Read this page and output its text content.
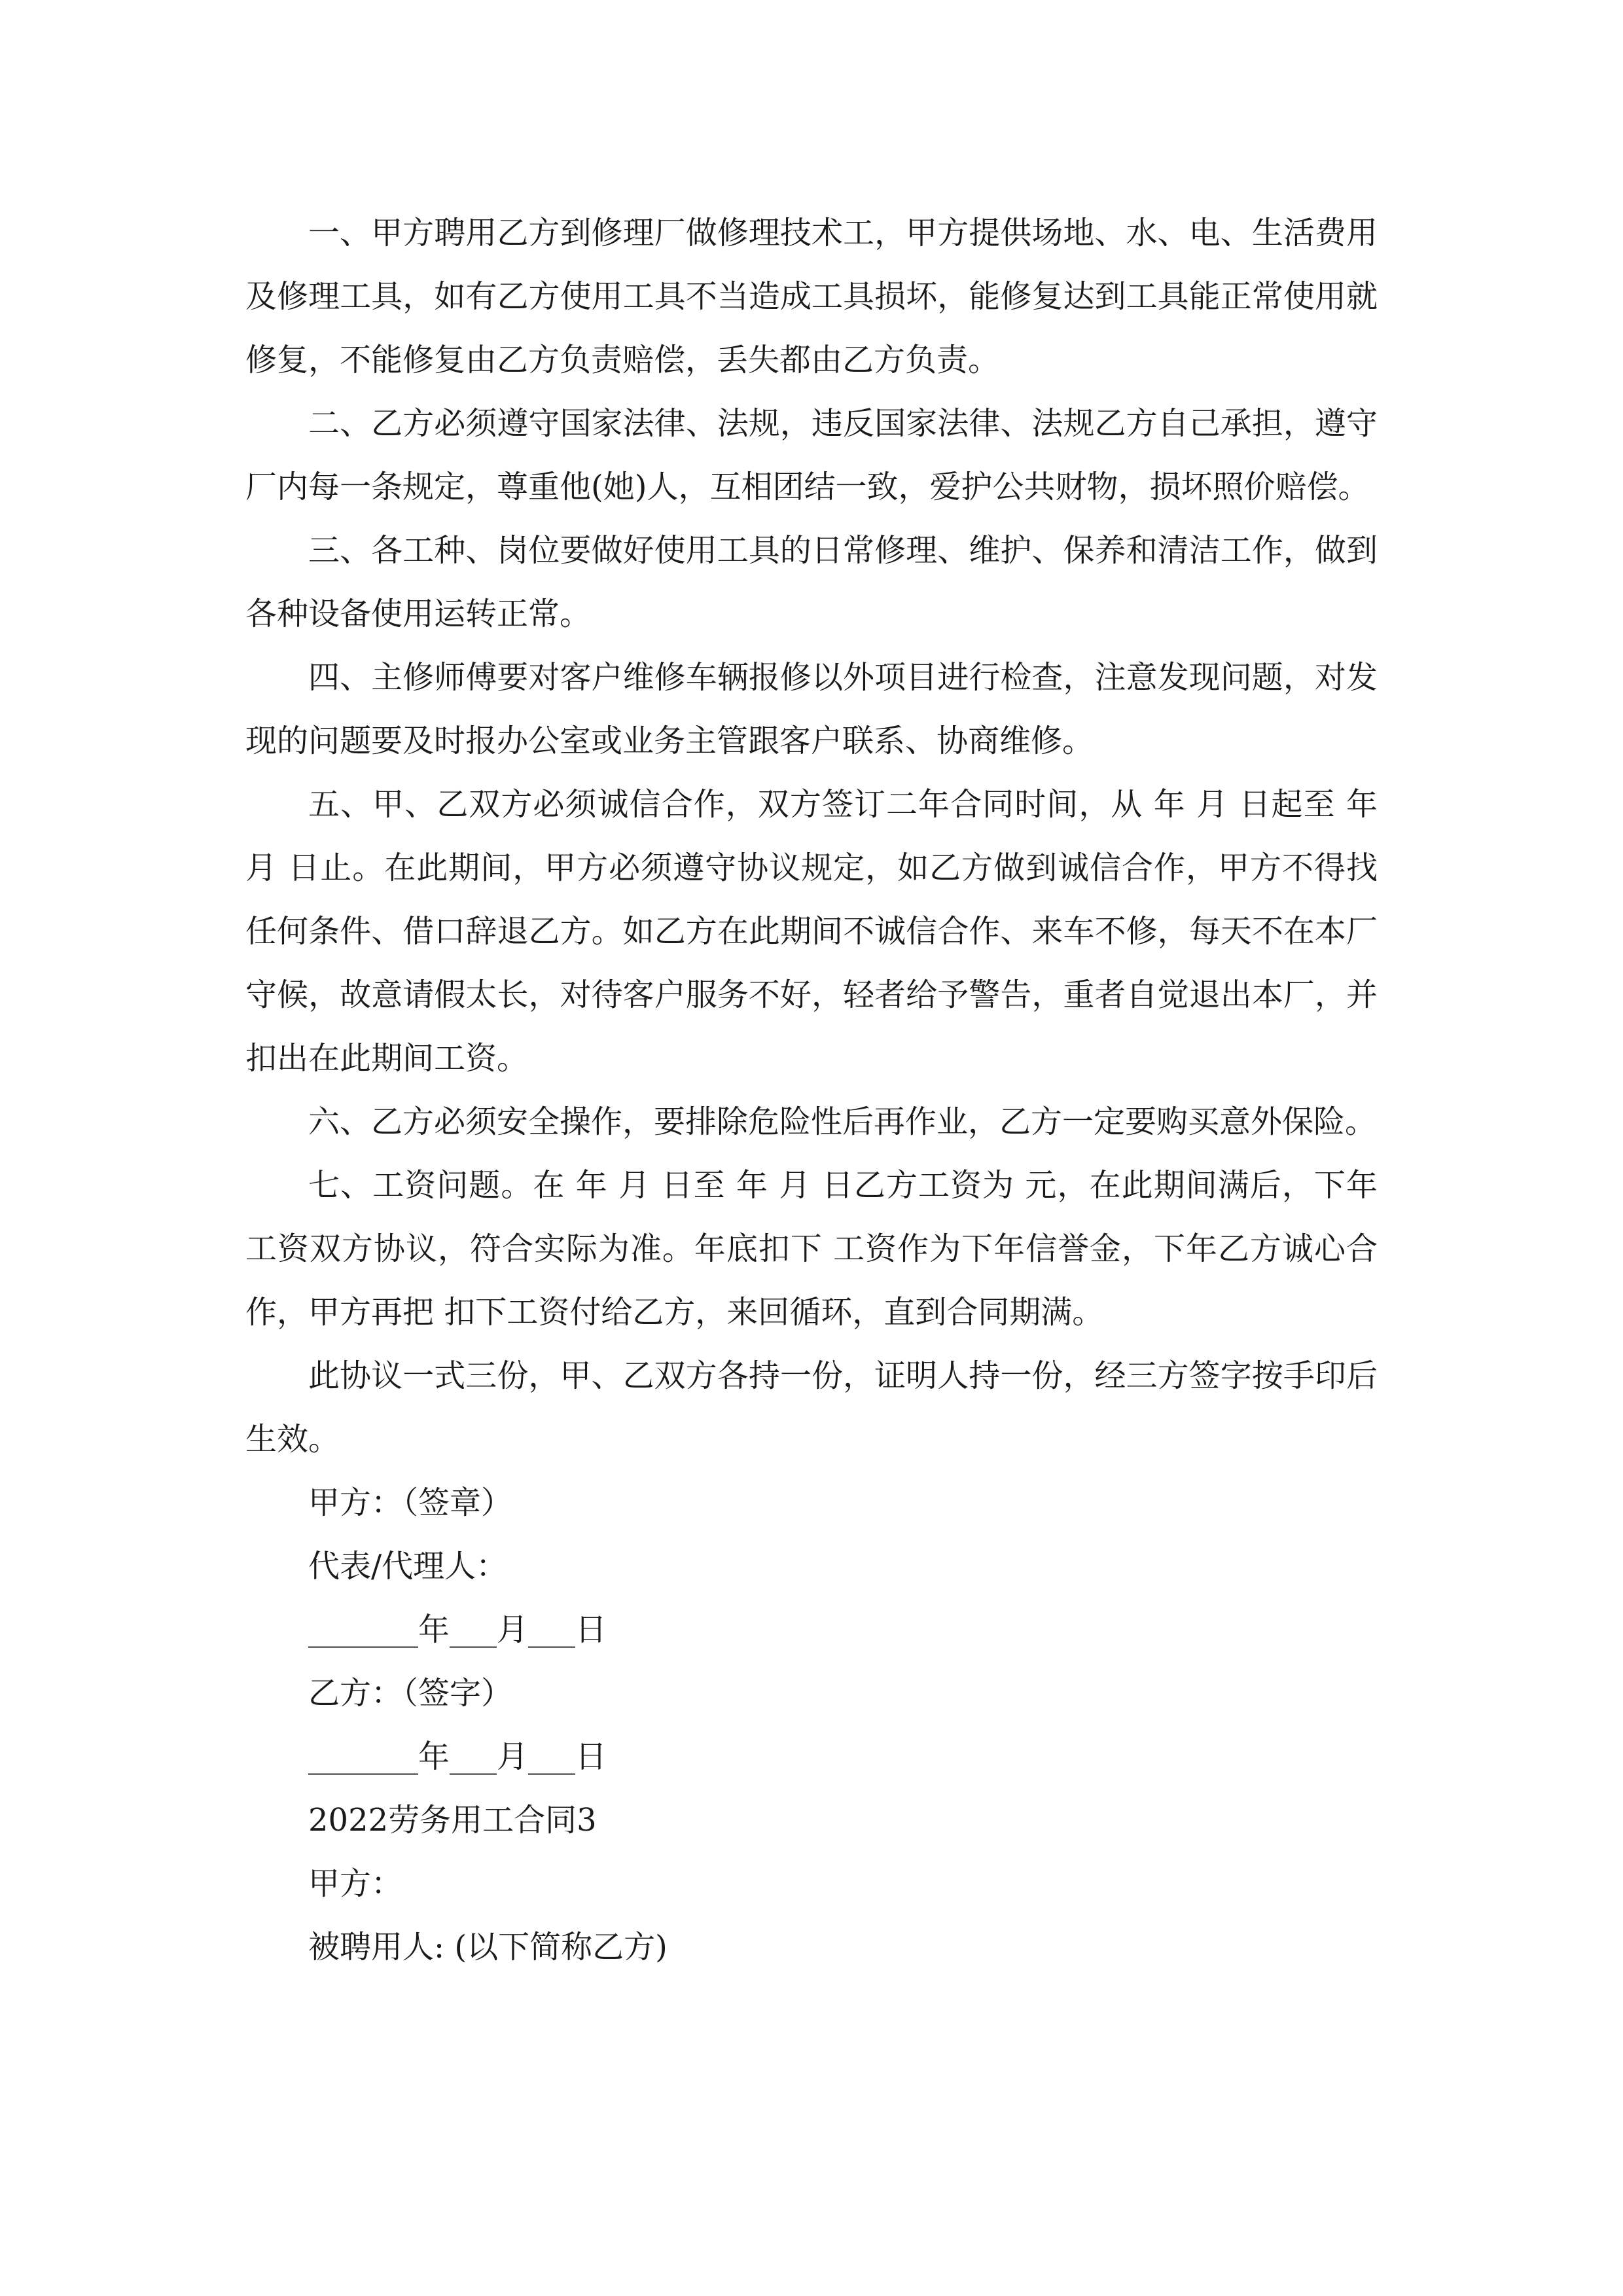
一、甲方聘用乙方到修理厂做修理技术工，甲方提供场地、水、电、生活费用及修理工具，如有乙方使用工具不当造成工具损坏，能修复达到工具能正常使用就修复，不能修复由乙方负责赔偿，丢失都由乙方负责。

二、乙方必须遵守国家法律、法规，违反国家法律、法规乙方自己承担，遵守厂内每一条规定，尊重他(她)人，互相团结一致，爱护公共财物，损坏照价赔偿。

三、各工种、岗位要做好使用工具的日常修理、维护、保养和清洁工作，做到各种设备使用运转正常。

四、主修师傅要对客户维修车辆报修以外项目进行检查，注意发现问题，对发现的问题要及时报办公室或业务主管跟客户联系、协商维修。

五、甲、乙双方必须诚信合作，双方签订二年合同时间，从 年 月 日起至 年 月 日止。在此期间，甲方必须遵守协议规定，如乙方做到诚信合作，甲方不得找任何条件、借口辞退乙方。如乙方在此期间不诚信合作、来车不修，每天不在本厂守候，故意请假太长，对待客户服务不好，轻者给予警告，重者自觉退出本厂，并扣出在此期间工资。

六、乙方必须安全操作，要排除危险性后再作业，乙方一定要购买意外保险。

七、工资问题。在 年 月 日至 年 月 日乙方工资为 元，在此期间满后，下年工资双方协议，符合实际为准。年底扣下 工资作为下年信誉金，下年乙方诚心合作，甲方再把 扣下工资付给乙方，来回循环，直到合同期满。

此协议一式三份，甲、乙双方各持一份，证明人持一份，经三方签字按手印后生效。

甲方：（签章）

代表/代理人：

_______年___月___日

乙方：（签字）

_______年___月___日

2022劳务用工合同3

甲方：

被聘用人: (以下简称乙方)
